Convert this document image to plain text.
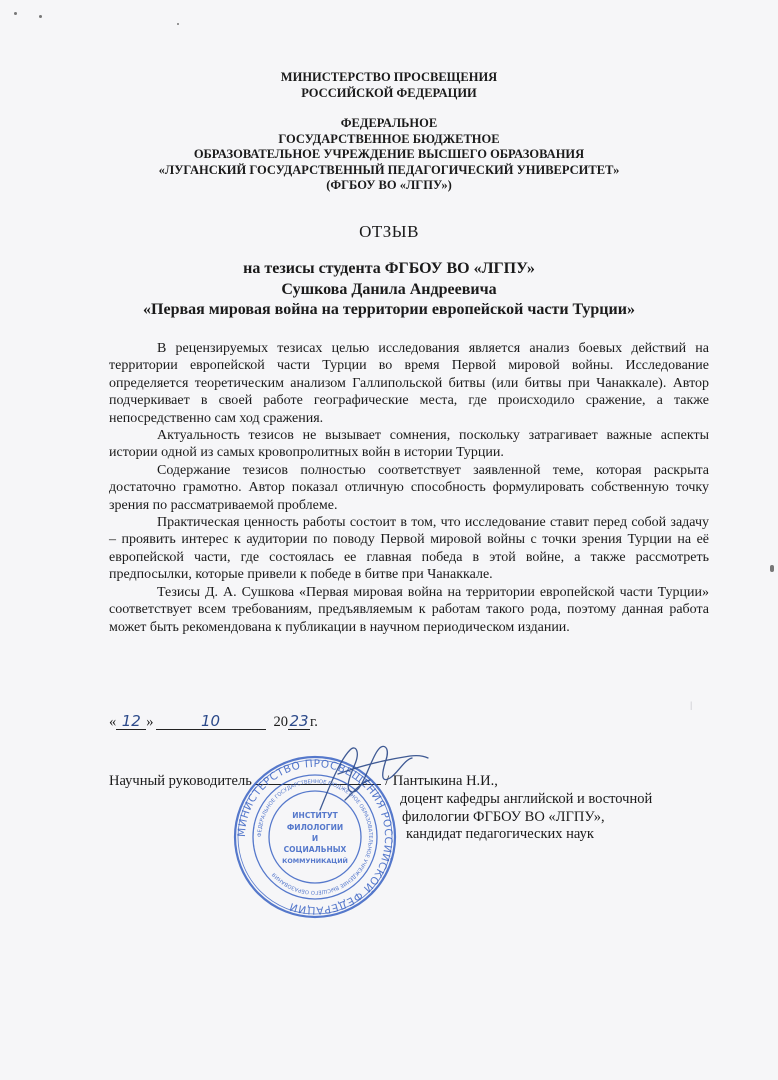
МИНИСТЕРСТВО ПРОСВЕЩЕНИЯ
РОССИЙСКОЙ ФЕДЕРАЦИИ
ФЕДЕРАЛЬНОЕ
ГОСУДАРСТВЕННОЕ БЮДЖЕТНОЕ
ОБРАЗОВАТЕЛЬНОЕ УЧРЕЖДЕНИЕ ВЫСШЕГО ОБРАЗОВАНИЯ
«ЛУГАНСКИЙ ГОСУДАРСТВЕННЫЙ ПЕДАГОГИЧЕСКИЙ УНИВЕРСИТЕТ»
(ФГБОУ ВО «ЛГПУ»)
ОТЗЫВ
на тезисы студента ФГБОУ ВО «ЛГПУ»
Сушкова Данила Андреевича
«Первая мировая война на территории европейской части Турции»

В рецензируемых тезисах целью исследования является анализ боевых действий на территории европейской части Турции во время Первой мировой войны. Исследование определяется теоретическим анализом Галлипольской битвы (или битвы при Чанаккале). Автор подчеркивает в своей работе географические места, где происходило сражение, а также непосредственно сам ход сражения.

Актуальность тезисов не вызывает сомнения, поскольку затрагивает важные аспекты истории одной из самых кровопролитных войн в истории Турции.

Содержание тезисов полностью соответствует заявленной теме, которая раскрыта достаточно грамотно. Автор показал отличную способность формулировать собственную точку зрения по рассматриваемой проблеме.

Практическая ценность работы состоит в том, что исследование ставит перед собой задачу – проявить интерес к аудитории по поводу Первой мировой войны с точки зрения Турции на её европейской части, где состоялась ее главная победа в этой войне, а также рассмотреть предпосылки, которые привели к победе в битве при Чанаккале.

Тезисы Д. А. Сушкова «Первая мировая война на территории европейской части Турции» соответствует всем требованиям, предъявляемым к работам такого рода, поэтому данная работа может быть рекомендована к публикации в научном периодическом издании.

« 12 »	10	2023г.
Научный руководитель	/ Пантыкина Н.И.,
доцент кафедры английской и восточной
филологии ФГБОУ ВО «ЛГПУ»,
кандидат педагогических наук
МИНИСТЕРСТВО ПРОСВЕЩЕНИЯ РОССИЙСКОЙ ФЕДЕРАЦИИ
ФЕДЕРАЛЬНОЕ ГОСУДАРСТВЕННОЕ БЮДЖЕТНОЕ ОБРАЗОВАТЕЛЬНОЕ УЧРЕЖДЕНИЕ ВЫСШЕГО ОБРАЗОВАНИЯ
ИНСТИТУТ
ФИЛОЛОГИИ
И
СОЦИАЛЬНЫХ
КОММУНИКАЦИЙ
|
